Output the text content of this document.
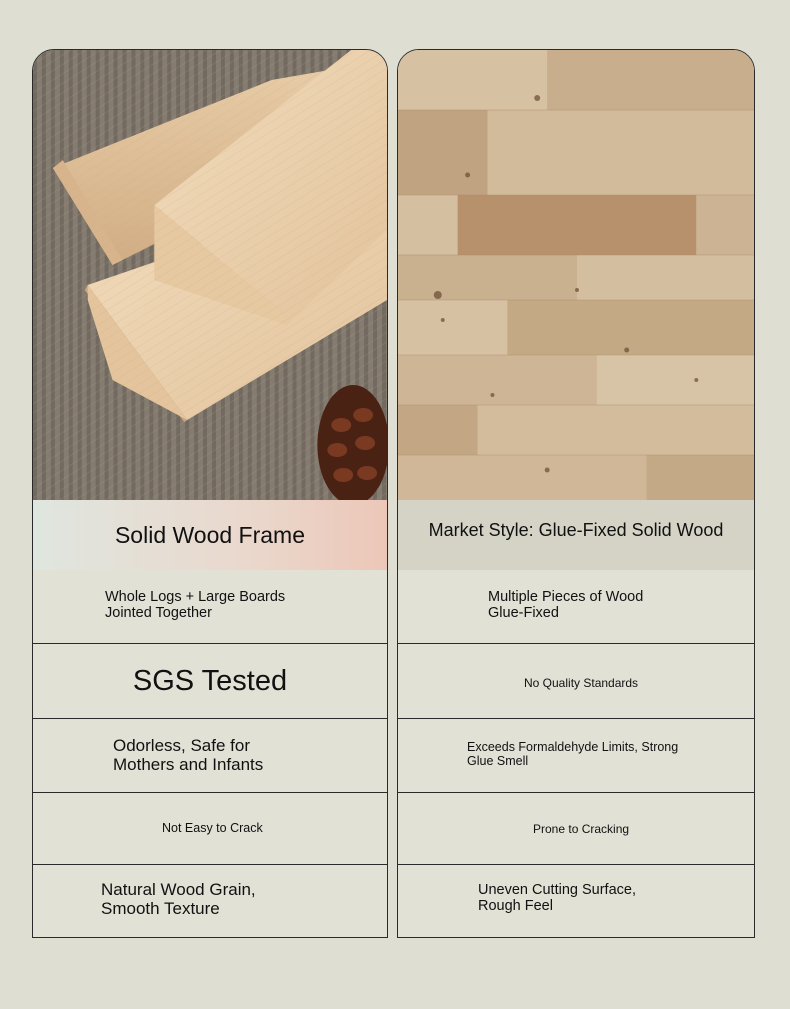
Solid Wood Frame
Whole Logs + Large Boards
Jointed Together
SGS Tested
Odorless, Safe for
Mothers and Infants
Not Easy to Crack
Natural Wood Grain,
Smooth Texture
Market Style: Glue-Fixed Solid Wood
Multiple Pieces of Wood
Glue-Fixed
No Quality Standards
Exceeds Formaldehyde Limits, Strong
Glue Smell
Prone to Cracking
Uneven Cutting Surface,
Rough Feel
